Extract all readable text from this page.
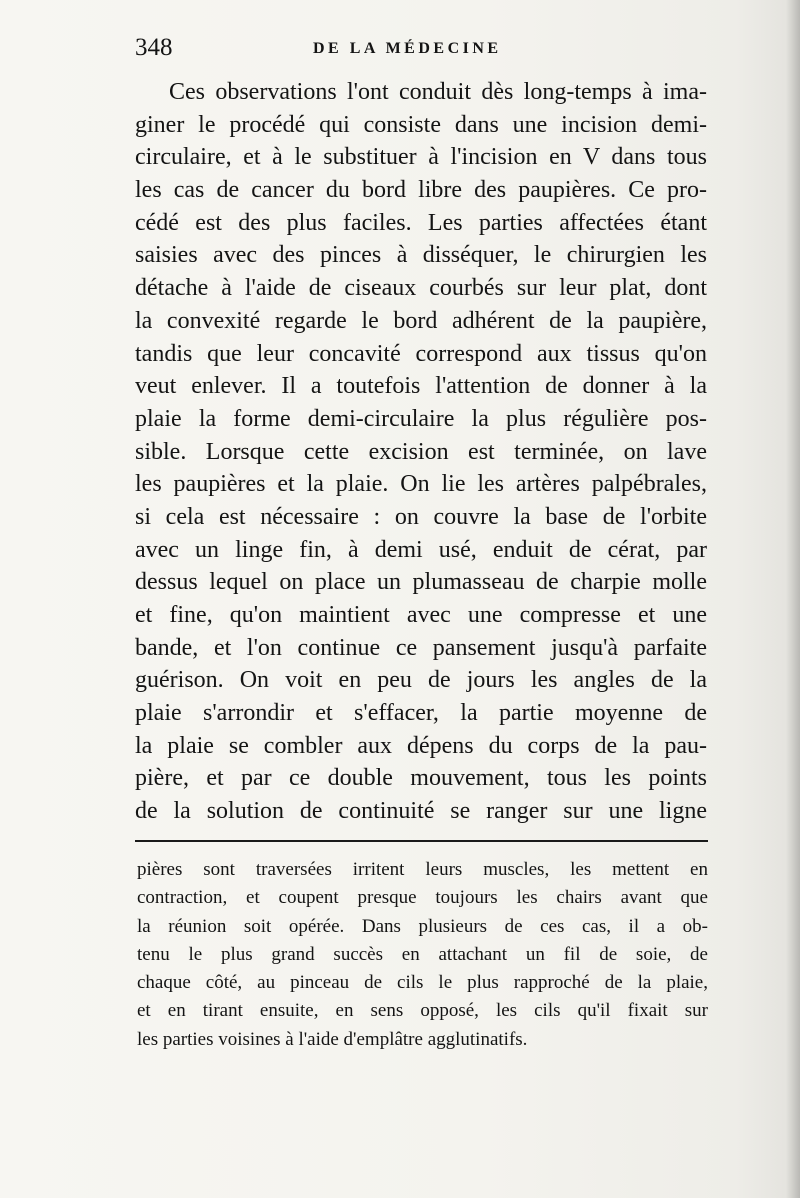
348	DE LA MÉDECINE
Ces observations l'ont conduit dès long-temps à ima-
giner le procédé qui consiste dans une incision demi-
circulaire, et à le substituer à l'incision en V dans tous
les cas de cancer du bord libre des paupières. Ce pro-
cédé est des plus faciles. Les parties affectées étant
saisies avec des pinces à disséquer, le chirurgien les
détache à l'aide de ciseaux courbés sur leur plat, dont
la convexité regarde le bord adhérent de la paupière,
tandis que leur concavité correspond aux tissus qu'on
veut enlever. Il a toutefois l'attention de donner à la
plaie la forme demi-circulaire la plus régulière pos-
sible. Lorsque cette excision est terminée, on lave
les paupières et la plaie. On lie les artères palpébrales,
si cela est nécessaire : on couvre la base de l'orbite
avec un linge fin, à demi usé, enduit de cérat, par
dessus lequel on place un plumasseau de charpie molle
et fine, qu'on maintient avec une compresse et une
bande, et l'on continue ce pansement jusqu'à parfaite
guérison. On voit en peu de jours les angles de la
plaie s'arrondir et s'effacer, la partie moyenne de
la plaie se combler aux dépens du corps de la pau-
pière, et par ce double mouvement, tous les points
de la solution de continuité se ranger sur une ligne
pières sont traversées irritent leurs muscles, les mettent en
contraction, et coupent presque toujours les chairs avant que
la réunion soit opérée. Dans plusieurs de ces cas, il a ob-
tenu le plus grand succès en attachant un fil de soie, de
chaque côté, au pinceau de cils le plus rapproché de la plaie,
et en tirant ensuite, en sens opposé, les cils qu'il fixait sur
les parties voisines à l'aide d'emplâtre agglutinatifs.
